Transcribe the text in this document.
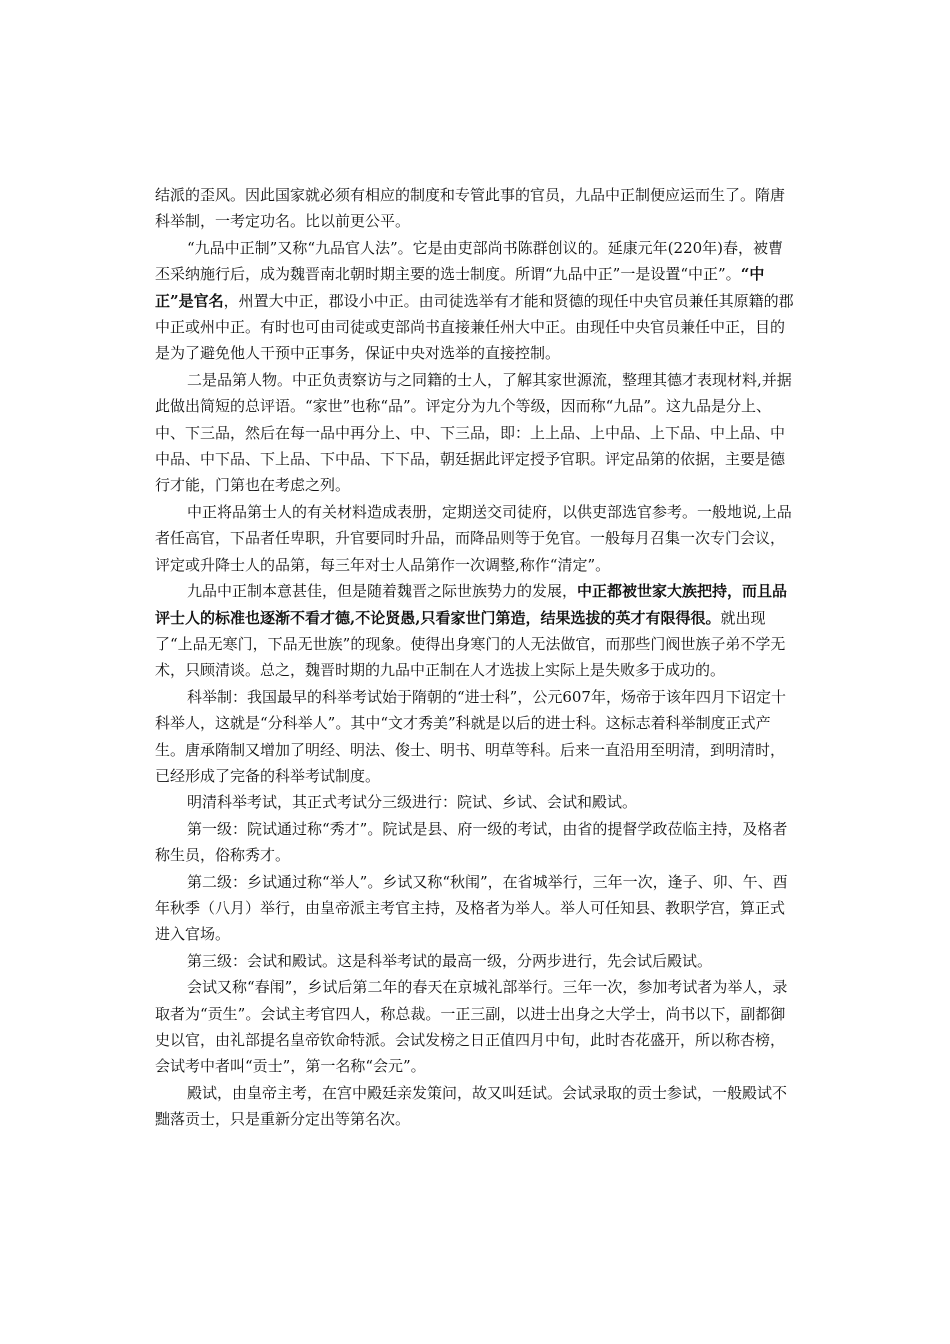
结派的歪风。因此国家就必须有相应的制度和专管此事的官员，九品中正制便应运而生了。隋唐科举制，一考定功名。比以前更公平。

“九品中正制”又称“九品官人法”。它是由吏部尚书陈群创议的。延康元年(220年)春，被曹丕采纳施行后，成为魏晋南北朝时期主要的选士制度。所谓“九品中正”一是设置“中正”。“中正”是官名，州置大中正，郡设小中正。由司徒选举有才能和贤德的现任中央官员兼任其原籍的郡中正或州中正。有时也可由司徒或吏部尚书直接兼任州大中正。由现任中央官员兼任中正，目的是为了避免他人干预中正事务，保证中央对选举的直接控制。

二是品第人物。中正负责察访与之同籍的士人，了解其家世源流，整理其德才表现材料,并据此做出简短的总评语。“家世”也称“品”。评定分为九个等级，因而称“九品”。这九品是分上、中、下三品，然后在每一品中再分上、中、下三品，即：上上品、上中品、上下品、中上品、中中品、中下品、下上品、下中品、下下品，朝廷据此评定授予官职。评定品第的依据，主要是德行才能，门第也在考虑之列。

中正将品第士人的有关材料造成表册，定期送交司徒府，以供吏部选官参考。一般地说,上品者任高官，下品者任卑职，升官要同时升品，而降品则等于免官。一般每月召集一次专门会议，评定或升降士人的品第，每三年对士人品第作一次调整,称作“清定”。

九品中正制本意甚佳，但是随着魏晋之际世族势力的发展，中正都被世家大族把持，而且品评士人的标准也逐渐不看才德,不论贤愚,只看家世门第造，结果选拔的英才有限得很。就出现了“上品无寒门，下品无世族”的现象。使得出身寒门的人无法做官，而那些门阀世族子弟不学无术，只顾清谈。总之，魏晋时期的九品中正制在人才选拔上实际上是失败多于成功的。

科举制：我国最早的科举考试始于隋朝的“进士科”，公元607年，炀帝于该年四月下诏定十科举人，这就是“分科举人”。其中“文才秀美”科就是以后的进士科。这标志着科举制度正式产生。唐承隋制又增加了明经、明法、俊士、明书、明草等科。后来一直沿用至明清，到明清时，已经形成了完备的科举考试制度。

明清科举考试，其正式考试分三级进行：院试、乡试、会试和殿试。

第一级：院试通过称“秀才”。院试是县、府一级的考试，由省的提督学政莅临主持，及格者称生员，俗称秀才。

第二级：乡试通过称“举人”。乡试又称“秋闱”，在省城举行，三年一次，逢子、卯、午、酉年秋季（八月）举行，由皇帝派主考官主持，及格者为举人。举人可任知县、教职学宫，算正式进入官场。

第三级：会试和殿试。这是科举考试的最高一级，分两步进行，先会试后殿试。

会试又称“春闱”，乡试后第二年的春天在京城礼部举行。三年一次，参加考试者为举人，录取者为“贡生”。会试主考官四人，称总裁。一正三副，以进士出身之大学士，尚书以下，副都御史以官，由礼部提名皇帝钦命特派。会试发榜之日正值四月中旬，此时杏花盛开，所以称杏榜，会试考中者叫“贡士”，第一名称“会元”。

殿试，由皇帝主考，在宫中殿廷亲发策问，故又叫廷试。会试录取的贡士参试，一般殿试不黜落贡士，只是重新分定出等第名次。
